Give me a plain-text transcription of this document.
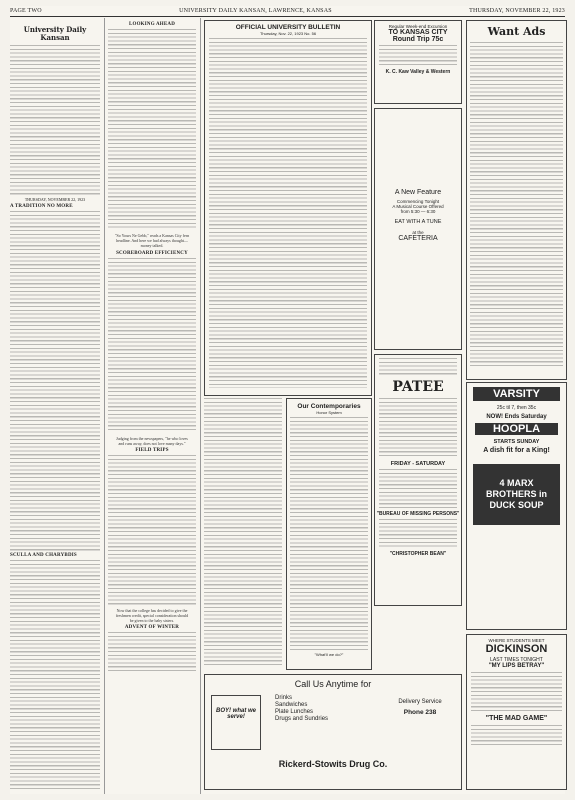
PAGE TWO	UNIVERSITY DAILY KANSAN, LAWRENCE, KANSAS	THURSDAY, NOVEMBER 22, 1923
University Daily Kansan
THURSDAY, NOVEMBER 22, 1923
A TRADITION NO MORE
SCULLA AND CHARYBDIS
LOOKING AHEAD
"So Yours Ne Gebb," reads a Kansas City fern headline. And here we had always thought—money talked.
SCOREBOARD EFFICIENCY
Judging from the newspapers, "he who loves and runs away, does not love many days."
FIELD TRIPS
Now that the college has decided to give the freshmen credit, special consideration should be given to the baby sisters.
ADVENT OF WINTER
OFFICIAL UNIVERSITY BULLETIN
Thursday, Nov. 22, 1923 No. 56
Our Contemporaries
Honor System
"What'll we do?"
Regular Week-end Excursion
TO KANSAS CITY
Round Trip 75c
K. C. Kaw Valley & Western
A New Feature
Commencing Tonight
A Musical Course Offered
from 5:30 — 6:30
EAT WITH A TUNE
at the
CAFETERIA
PATEE
FRIDAY - SATURDAY
"BUREAU OF MISSING PERSONS"
"CHRISTOPHER BEAN"
Call Us Anytime for
BOY! what we serve!
Drinks
Sandwiches
Plate Lunches
Drugs and Sundries
Delivery Service
Phone 238
Rickerd-Stowits Drug Co.
Want Ads
VARSITY
25c til 7, then 35c
NOW! Ends Saturday
HOOPLA
STARTS SUNDAY
A dish fit for a King!
4 MARX BROTHERS in DUCK SOUP
WHERE STUDENTS MEET
DICKINSON
LAST TIMES TONIGHT
"MY LIPS BETRAY"
"THE MAD GAME"
